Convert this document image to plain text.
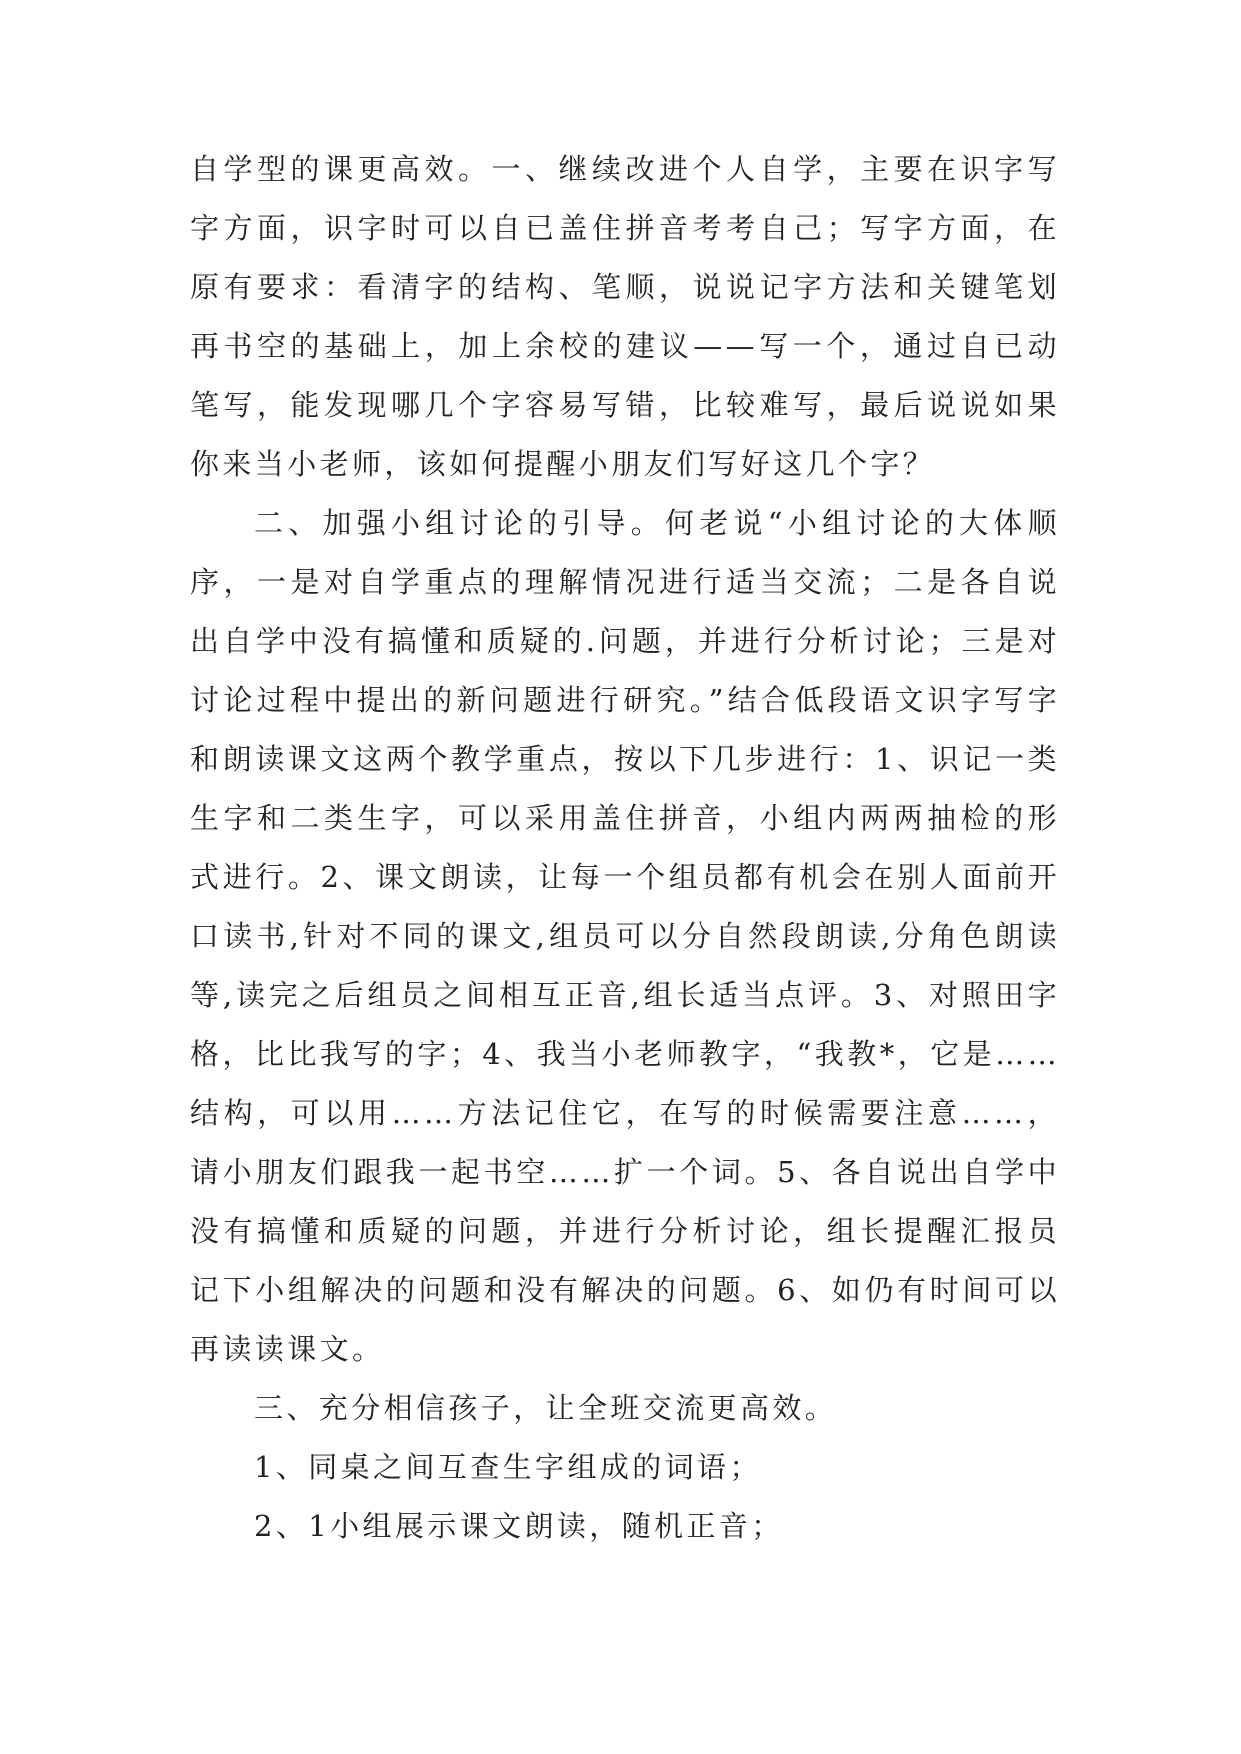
自学型的课更高效。一、继续改进个人自学，主要在识字写字方面，识字时可以自已盖住拼音考考自己；写字方面，在原有要求：看清字的结构、笔顺，说说记字方法和关键笔划再书空的基础上，加上余校的建议——写一个，通过自已动笔写，能发现哪几个字容易写错，比较难写，最后说说如果你来当小老师，该如何提醒小朋友们写好这几个字？

二、加强小组讨论的引导。何老说“小组讨论的大体顺序，一是对自学重点的理解情况进行适当交流；二是各自说出自学中没有搞懂和质疑的.问题，并进行分析讨论；三是对讨论过程中提出的新问题进行研究。”结合低段语文识字写字和朗读课文这两个教学重点，按以下几步进行：1、识记一类生字和二类生字，可以采用盖住拼音，小组内两两抽检的形式进行。2、课文朗读，让每一个组员都有机会在别人面前开口读书,针对不同的课文,组员可以分自然段朗读,分角色朗读等,读完之后组员之间相互正音,组长适当点评。3、对照田字格，比比我写的字；4、我当小老师教字，“我教*，它是……结构，可以用……方法记住它，在写的时候需要注意……，请小朋友们跟我一起书空……扩一个词。5、各自说出自学中没有搞懂和质疑的问题，并进行分析讨论，组长提醒汇报员记下小组解决的问题和没有解决的问题。6、如仍有时间可以再读读课文。

三、充分相信孩子，让全班交流更高效。

1、同桌之间互查生字组成的词语；

2、1小组展示课文朗读，随机正音；
